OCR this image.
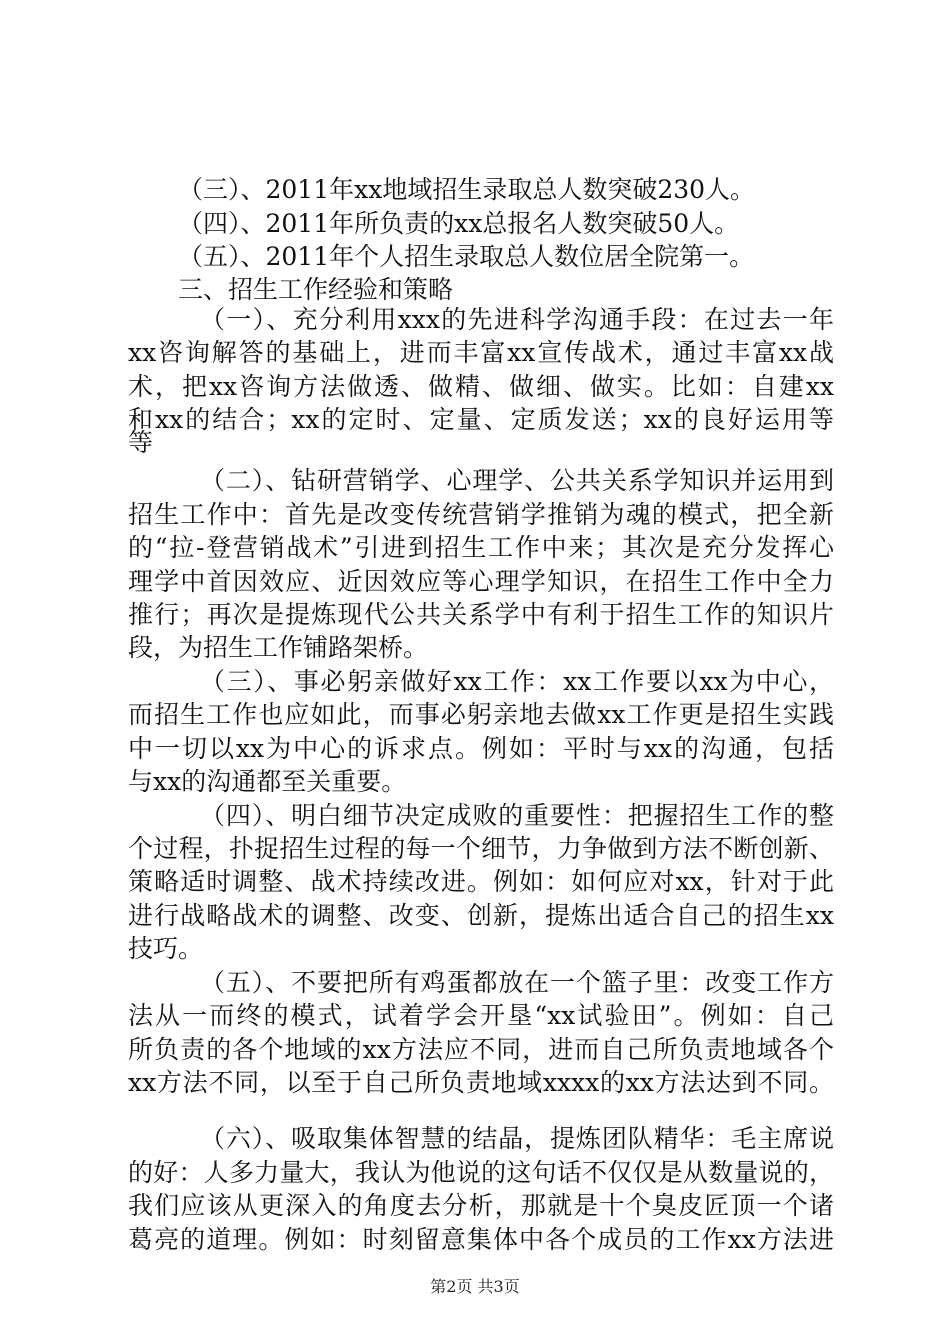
（三）、2011年xx地域招生录取总人数突破230人。

（四）、2011年所负责的xx总报名人数突破50人。

（五）、2011年个人招生录取总人数位居全院第一。

三、招生工作经验和策略

（一）、充分利用xxx的先进科学沟通手段：在过去一年

xx咨询解答的基础上，进而丰富xx宣传战术，通过丰富xx战

术，把xx咨询方法做透、做精、做细、做实。比如：自建xx

和xx的结合；xx的定时、定量、定质发送；xx的良好运用等

等

（二）、钻研营销学、心理学、公共关系学知识并运用到

招生工作中：首先是改变传统营销学推销为魂的模式，把全新

的“拉-登营销战术”引进到招生工作中来；其次是充分发挥心

理学中首因效应、近因效应等心理学知识，在招生工作中全力

推行；再次是提炼现代公共关系学中有利于招生工作的知识片

段，为招生工作铺路架桥。

（三）、事必躬亲做好xx工作：xx工作要以xx为中心，

而招生工作也应如此，而事必躬亲地去做xx工作更是招生实践

中一切以xx为中心的诉求点。例如：平时与xx的沟通，包括

与xx的沟通都至关重要。

（四）、明白细节决定成败的重要性：把握招生工作的整

个过程，扑捉招生过程的每一个细节，力争做到方法不断创新、

策略适时调整、战术持续改进。例如：如何应对xx，针对于此

进行战略战术的调整、改变、创新，提炼出适合自己的招生xx

技巧。

（五）、不要把所有鸡蛋都放在一个篮子里：改变工作方

法从一而终的模式，试着学会开垦“xx试验田”。例如：自己

所负责的各个地域的xx方法应不同，进而自己所负责地域各个

xx方法不同，以至于自己所负责地域xxxx的xx方法达到不同。

（六）、吸取集体智慧的结晶，提炼团队精华：毛主席说

的好：人多力量大，我认为他说的这句话不仅仅是从数量说的，

我们应该从更深入的角度去分析，那就是十个臭皮匠顶一个诸

葛亮的道理。例如：时刻留意集体中各个成员的工作xx方法进

第2页 共3页
